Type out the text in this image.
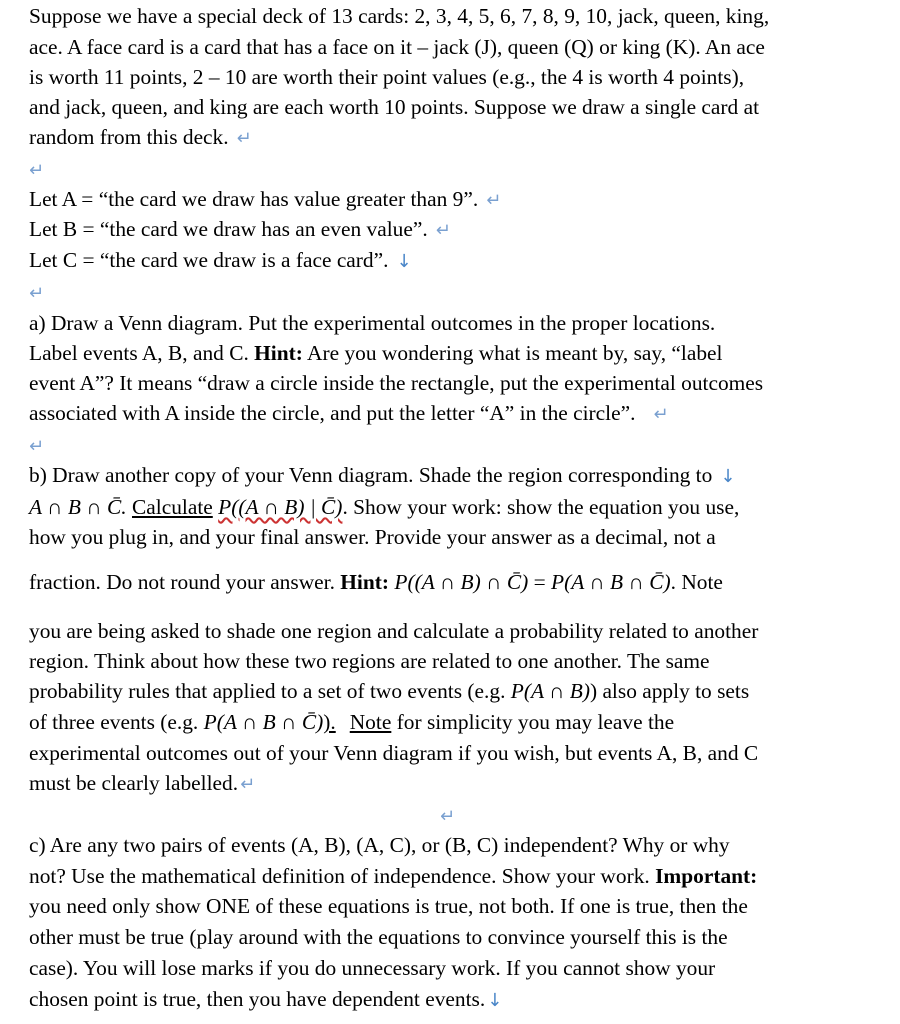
Suppose we have a special deck of 13 cards: 2, 3, 4, 5, 6, 7, 8, 9, 10, jack, queen, king,
ace. A face card is a card that has a face on it – jack (J), queen (Q) or king (K). An ace
is worth 11 points, 2 – 10 are worth their point values (e.g., the 4 is worth 4 points),
and jack, queen, and king are each worth 10 points. Suppose we draw a single card at
random from this deck. ↵
↵
Let A = “the card we draw has value greater than 9”. ↵
Let B = “the card we draw has an even value”. ↵
Let C = “the card we draw is a face card”. ↓
↵
a) Draw a Venn diagram. Put the experimental outcomes in the proper locations.
Label events A, B, and C. Hint: Are you wondering what is meant by, say, “label
event A”? It means “draw a circle inside the rectangle, put the experimental outcomes
associated with A inside the circle, and put the letter “A” in the circle”. ↵
↵
b) Draw another copy of your Venn diagram. Shade the region corresponding to ↓
A ∩ B ∩ C̄. Calculate P((A ∩ B) | C̄). Show your work: show the equation you use,
how you plug in, and your final answer. Provide your answer as a decimal, not a
fraction. Do not round your answer. Hint: P((A ∩ B) ∩ C̄) = P(A ∩ B ∩ C̄). Note
you are being asked to shade one region and calculate a probability related to another
region. Think about how these two regions are related to one another. The same
probability rules that applied to a set of two events (e.g. P(A ∩ B)) also apply to sets
of three events (e.g. P(A ∩ B ∩ C̄)). Note for simplicity you may leave the
experimental outcomes out of your Venn diagram if you wish, but events A, B, and C
must be clearly labelled. ↵
↵
c) Are any two pairs of events (A, B), (A, C), or (B, C) independent? Why or why
not? Use the mathematical definition of independence. Show your work. Important:
you need only show ONE of these equations is true, not both. If one is true, then the
other must be true (play around with the equations to convince yourself this is the
case). You will lose marks if you do unnecessary work. If you cannot show your
chosen point is true, then you have dependent events. ↓
